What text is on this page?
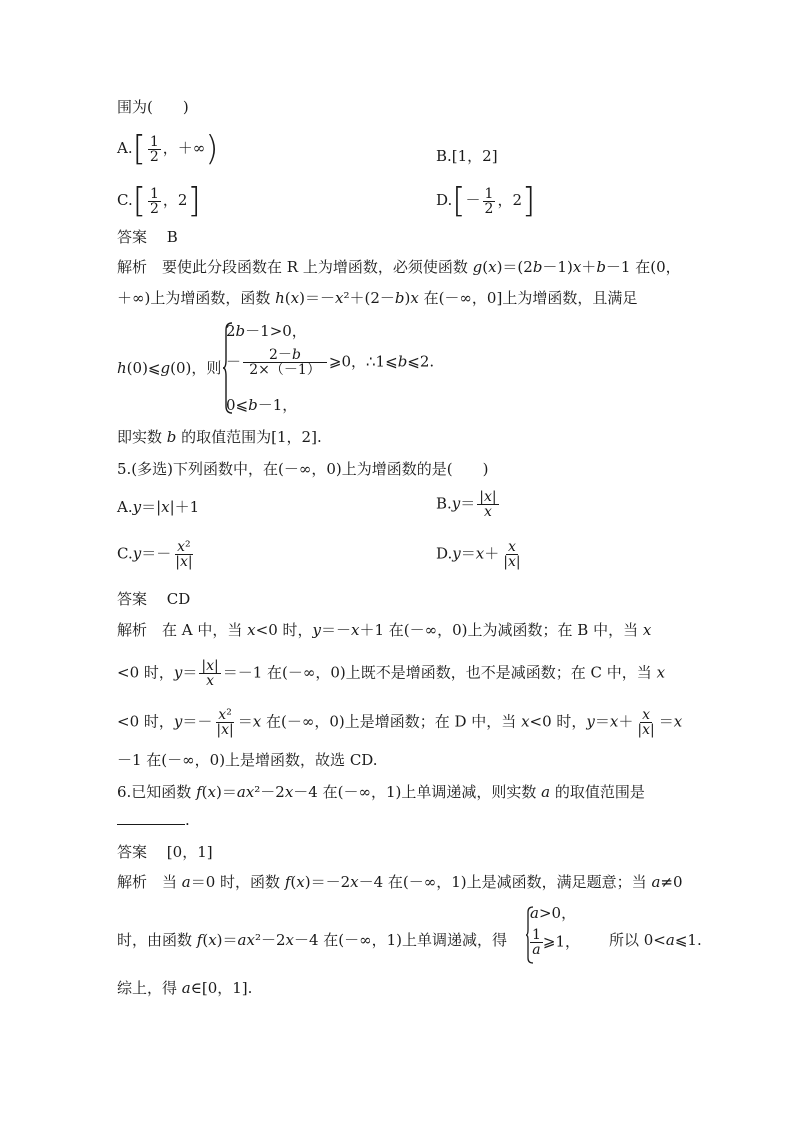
围为(　　)
$A.[ \frac{1}{2}$ ，＋∞)	B.[1，2]
$C.[ \frac{1}{2}$ ，2]	$D.[- \frac{1}{2}$ ，2]
答案　 B
解析　要使此分段函数在 R 上为增函数，必须使函数 g(x)＝(2b－1)x＋b－1 在(0，
＋∞)上为增函数，函数 h(x)＝－x²＋(2－b)x 在(－∞，0]上为增函数，且满足
h(0)⩽g(0)，则
2b－1>0，
－ $\frac{2-b}{2\times(-1)}$ ⩾0，∴1⩽b⩽2.
0⩽b－1，
即实数 b 的取值范围为[1，2].
5.(多选)下列函数中，在(－∞，0)上为增函数的是(　　)
A.y＝|x|＋1	$B.y= \frac{|x|}{x}$
$C.y=- \frac{\text{x²}}{|x|}$	$D.y=x+ \frac{x}{|x|}$
答案　 CD
解析　在 A 中，当 x<0 时，y＝－x＋1 在(－∞，0)上为减函数；在 B 中，当 x
<0 时，$y= \frac{|x|}{x} =-1$ 在(－∞，0)上既不是增函数，也不是减函数；在 C 中，当 x
<0 时，$y=- \frac{\text{x²}}{|x|} =x$ 在(－∞，0)上是增函数；在 D 中，当 x<0 时，$y=x+ \frac{x}{|x|} =x$
－1 在(－∞，0)上是增函数，故选 CD.
6.已知函数 f(x)＝ax²－2x－4 在(－∞，1)上单调递减，则实数 a 的取值范围是
.
答案　 [0，1]
解析　当 a＝0 时，函数 f(x)＝－2x－4 在(－∞，1)上是减函数，满足题意；当 a≠0
时，由函数 f(x)＝ax²－2x－4 在(－∞，1)上单调递减，得
a>0，
$\frac{1}{a}$ ⩾1， 所以 0<a⩽1.
综上，得 a∈[0，1].
